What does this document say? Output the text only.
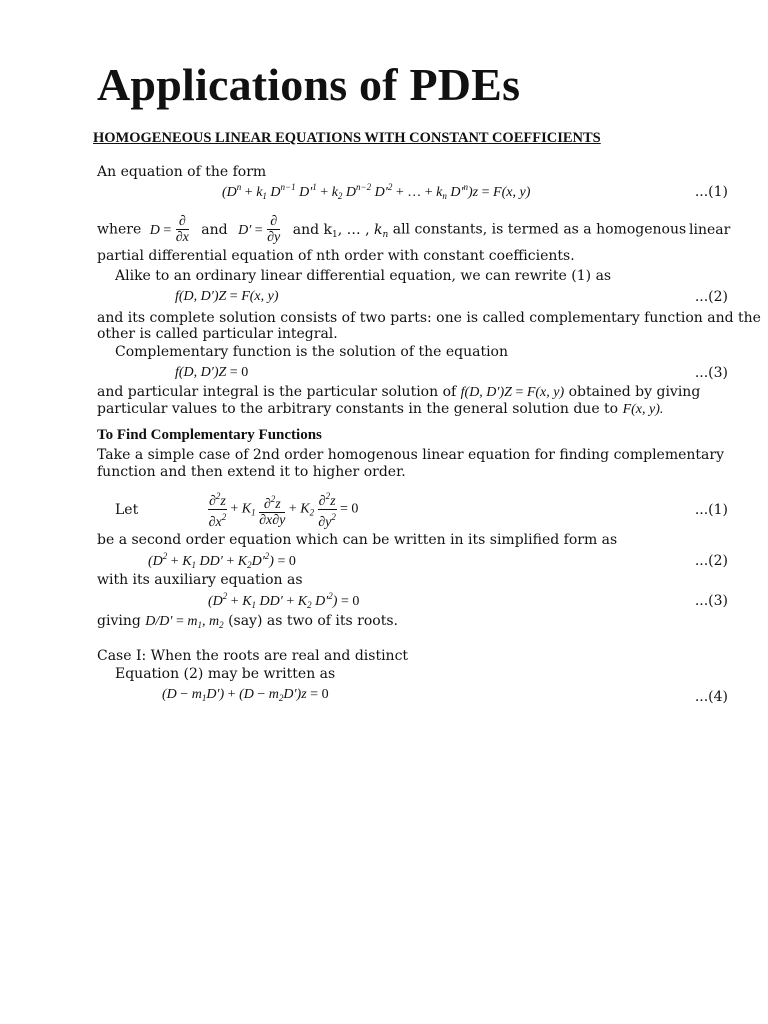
Applications of PDEs
HOMOGENEOUS LINEAR EQUATIONS WITH CONSTANT COEFFICIENTS
An equation of the form
($D^n + k_1$ $D^{n-1}$ $D'^1 + k_2$ $D^{n-2}$ $D'^2$ + … + $k_n$ $D'^n)z = F(x$, y)	...(1)
where $D = \frac{\partial}{\partial x}$ and $D' = \frac{\partial}{\partial y}$ and $k_1$, … , $k_n$ all constants, is termed as a homogenous linear
partial differential equation of nth order with constant coefficients.
Alike to an ordinary linear differential equation, we can rewrite (1) as
f(D, D′)Z = F(x, y)	...(2)
and its complete solution consists of two parts: one is called complementary function and the
other is called particular integral.
Complementary function is the solution of the equation
f(D, D′)Z = 0	...(3)
and particular integral is the particular solution of f(D, D′)Z = F(x, y) obtained by giving
particular values to the arbitrary constants in the general solution due to F(x, y).
To Find Complementary Functions
Take a simple case of 2nd order homogenous linear equation for finding complementary
function and then extend it to higher order.
Let	$\frac{\partial^2z}{\partial x^2} + K_1 \frac{\partial^2z}{\partial x\partial y} + K_2 \frac{\partial^2z}{\partial y^2} = 0$	...(1)
be a second order equation which can be written in its simplified form as
($D^2 + K_1$ $DD' + K_2D'^2) = 0$	...(2)
with its auxiliary equation as
($D^2 + K_1$ $DD' + K_2$ $D'^2) = 0$	...(3)
giving $D/D' = m_1$, $m_2$ (say) as two of its roots.
Case I: When the roots are real and distinct
Equation (2) may be written as
$(D - m_1D') + (D - m_2D')z = 0$	...(4)
